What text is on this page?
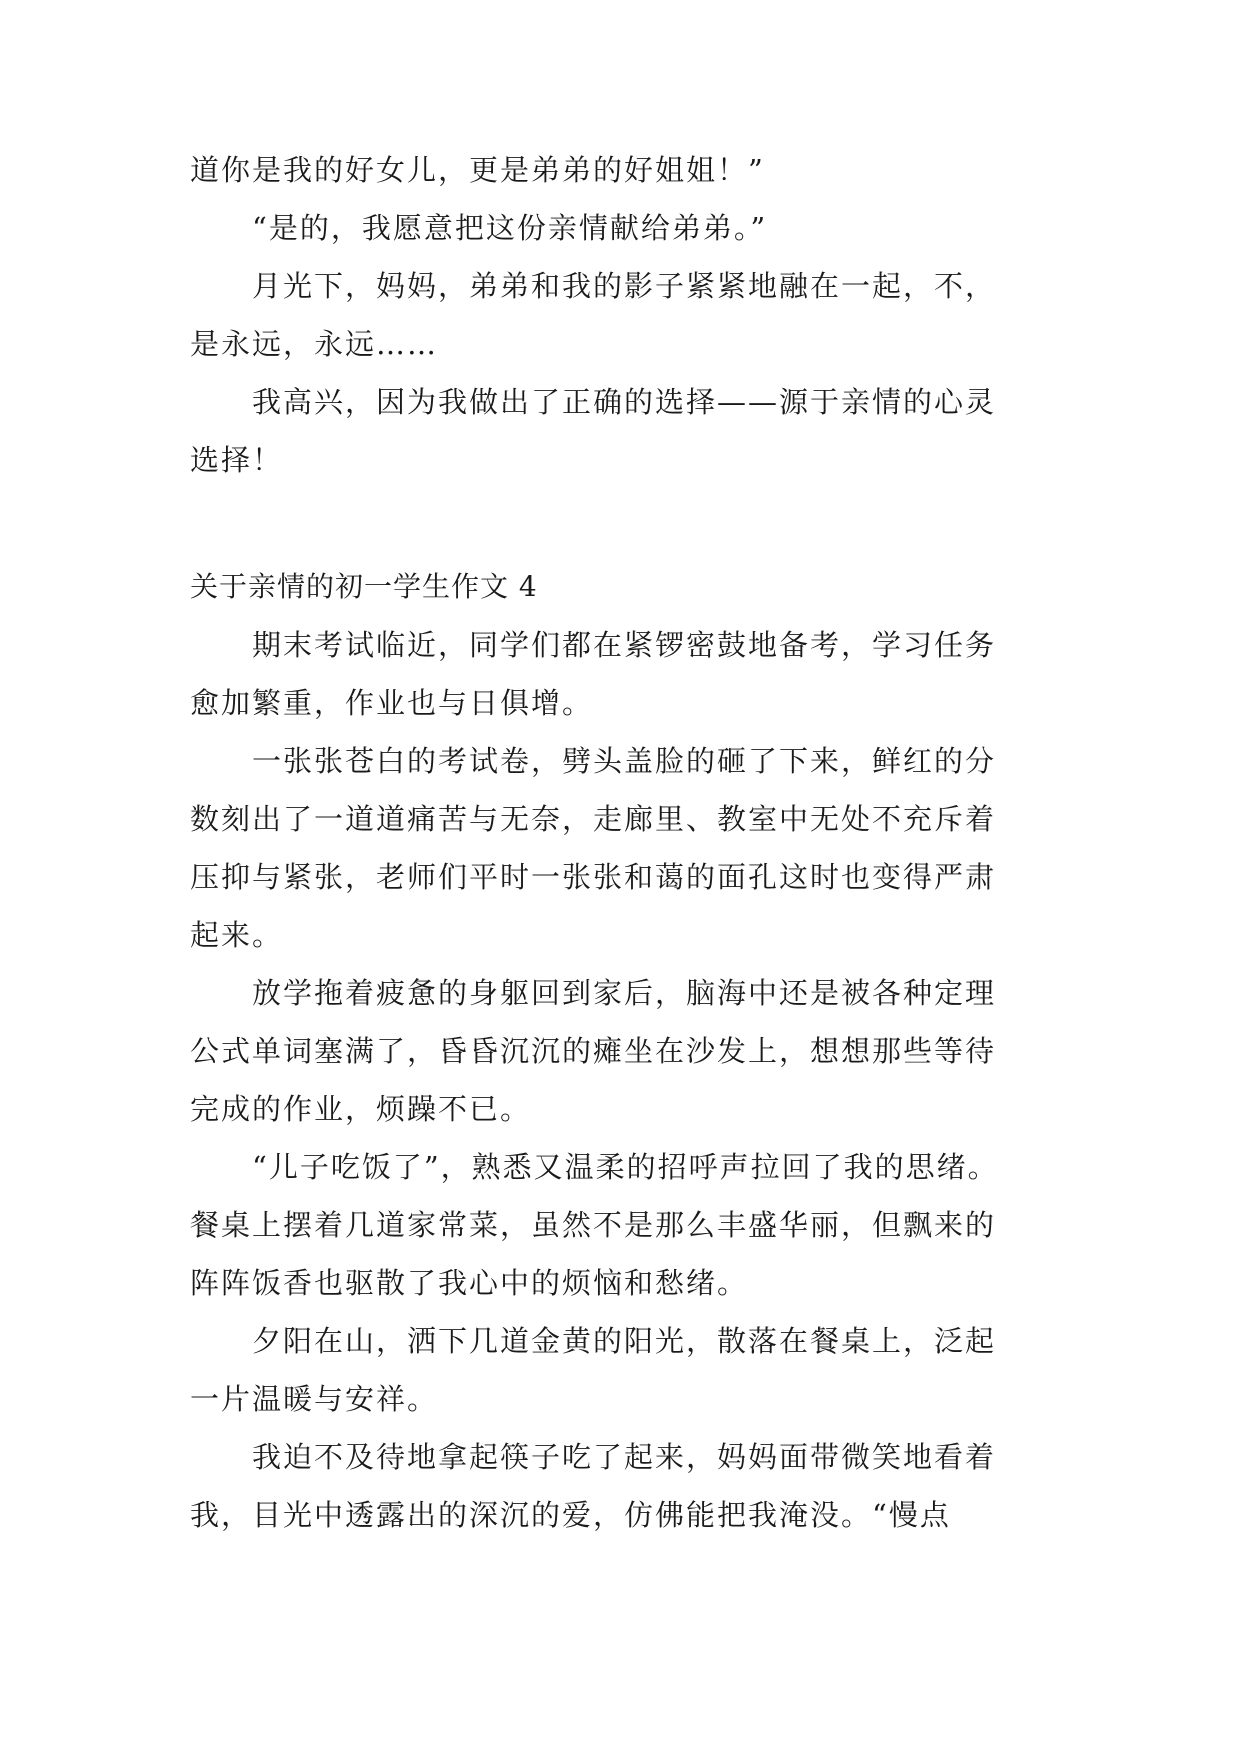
道你是我的好女儿，更是弟弟的好姐姐！”

“是的，我愿意把这份亲情献给弟弟。”

月光下，妈妈，弟弟和我的影子紧紧地融在一起，不，

是永远，永远……

我高兴，因为我做出了正确的选择——源于亲情的心灵

选择！

关于亲情的初一学生作文 4

期末考试临近，同学们都在紧锣密鼓地备考，学习任务

愈加繁重，作业也与日俱增。

一张张苍白的考试卷，劈头盖脸的砸了下来，鲜红的分

数刻出了一道道痛苦与无奈，走廊里、教室中无处不充斥着

压抑与紧张，老师们平时一张张和蔼的面孔这时也变得严肃

起来。

放学拖着疲惫的身躯回到家后，脑海中还是被各种定理

公式单词塞满了，昏昏沉沉的瘫坐在沙发上，想想那些等待

完成的作业，烦躁不已。

“儿子吃饭了”，熟悉又温柔的招呼声拉回了我的思绪。

餐桌上摆着几道家常菜，虽然不是那么丰盛华丽，但飘来的

阵阵饭香也驱散了我心中的烦恼和愁绪。

夕阳在山，洒下几道金黄的阳光，散落在餐桌上，泛起

一片温暖与安祥。

我迫不及待地拿起筷子吃了起来，妈妈面带微笑地看着

我，目光中透露出的深沉的爱，仿佛能把我淹没。“慢点
